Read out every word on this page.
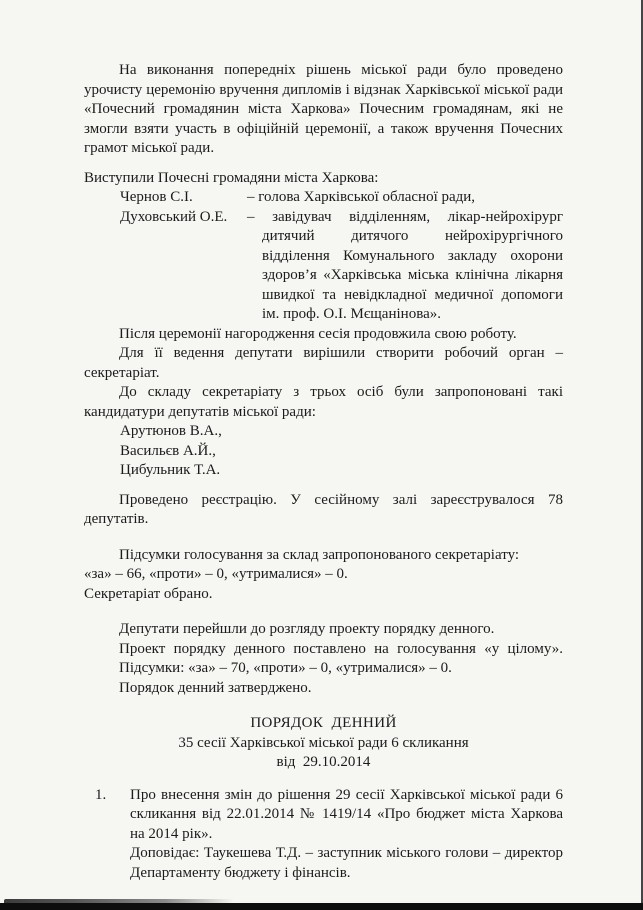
На виконання попередніх рішень міської ради було проведено урочисту церемонію вручення дипломів і відзнак Харківської міської ради «Почесний громадянин міста Харкова» Почесним громадянам, які не змогли взяти участь в офіційній церемонії, а також вручення Почесних грамот міської ради.

Виступили Почесні громадяни міста Харкова:

Чернов С.І.	– голова Харківської обласної ради,
Духовський О.Е.	– завідувач відділенням, лікар-нейрохірург дитячий дитячого нейрохірургічного відділення Комунального закладу охорони здоров’я «Харківська міська клінічна лікарня швидкої та невідкладної медичної допомоги ім. проф. О.І. Мєщанінова».

Після церемонії нагородження сесія продовжила свою роботу.

Для її ведення депутати вирішили створити робочий орган – секретаріат.

До складу секретаріату з трьох осіб були запропоновані такі кандидатури депутатів міської ради:

Арутюнов В.А.,

Васильєв А.Й.,

Цибульник Т.А.

Проведено реєстрацію. У сесійному залі зареєструвалося 78 депутатів.

Підсумки голосування за склад запропонованого секретаріату:

«за» – 66, «проти» – 0, «утрималися» – 0.

Секретаріат обрано.

Депутати перейшли до розгляду проекту порядку денного.

Проект порядку денного поставлено на голосування «у цілому».

Підсумки: «за» – 70, «проти» – 0, «утрималися» – 0.

Порядок денний затверджено.

ПОРЯДОК  ДЕННИЙ

35 сесії Харківської міської ради 6 скликання

від  29.10.2014

1.	Про внесення змін до рішення 29 сесії Харківської міської ради 6 скликання від 22.01.2014 № 1419/14 «Про бюджет міста Харкова на 2014 рік».

Доповідає: Таукешева Т.Д. – заступник міського голови – директор Департаменту бюджету і фінансів.
